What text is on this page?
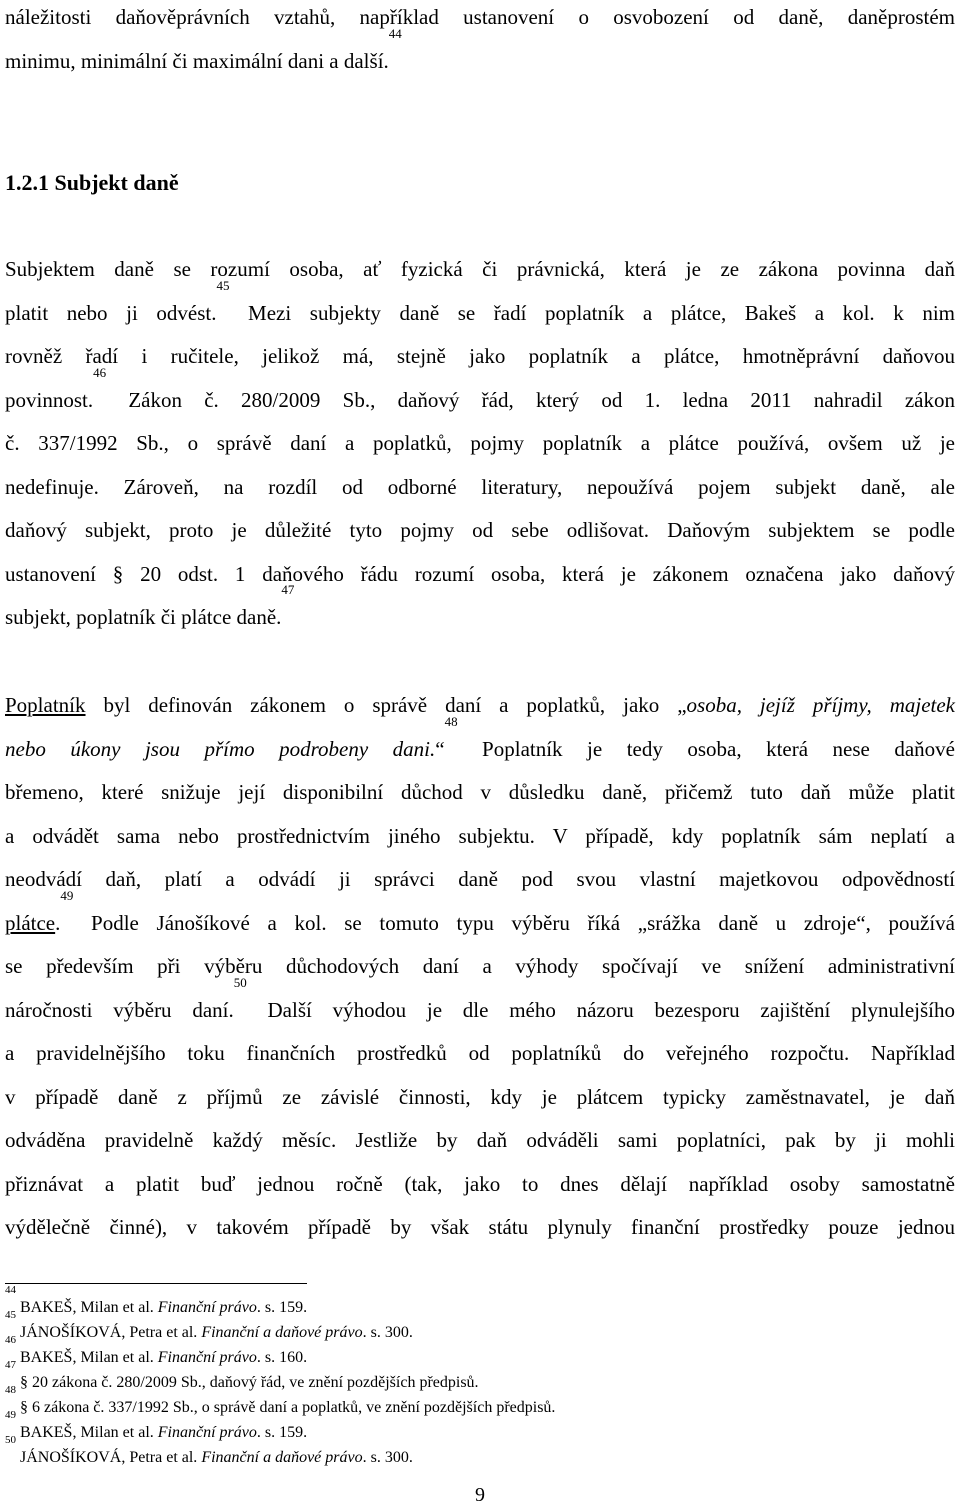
náležitosti daňověprávních vztahů, například ustanovení o osvobození od daně, daněprostém
minimu, minimální či maximální dani a další.$^{44}$

1.2.1 Subjekt daně

Subjektem daně se rozumí osoba, ať fyzická či právnická, která je ze zákona povinna daň
platit nebo ji odvést.$^{45}$ Mezi subjekty daně se řadí poplatník a plátce, Bakeš a kol. k nim
rovněž řadí i ručitele, jelikož má, stejně jako poplatník a plátce, hmotněprávní daňovou
povinnost.$^{46}$ Zákon č. 280/2009 Sb., daňový řád, který od 1. ledna 2011 nahradil zákon
č. 337/1992 Sb., o správě daní a poplatků, pojmy poplatník a plátce používá, ovšem už je
nedefinuje. Zároveň, na rozdíl od odborné literatury, nepoužívá pojem subjekt daně, ale
daňový subjekt, proto je důležité tyto pojmy od sebe odlišovat. Daňovým subjektem se podle
ustanovení § 20 odst. 1 daňového řádu rozumí osoba, která je zákonem označena jako daňový
subjekt, poplatník či plátce daně.$^{47}$

Poplatník byl definován zákonem o správě daní a poplatků, jako „osoba, jejíž příjmy, majetek
nebo úkony jsou přímo podrobeny dani.“$^{48}$ Poplatník je tedy osoba, která nese daňové
břemeno, které snižuje její disponibilní důchod v důsledku daně, přičemž tuto daň může platit
a odvádět sama nebo prostřednictvím jiného subjektu. V případě, kdy poplatník sám neplatí a
neodvádí daň, platí a odvádí ji správci daně pod svou vlastní majetkovou odpovědností
plátce.$^{49}$ Podle Jánošíkové a kol. se tomuto typu výběru říká „srážka daně u zdroje“, používá
se především při výběru důchodových daní a výhody spočívají ve snížení administrativní
náročnosti výběru daní.$^{50}$ Další výhodou je dle mého názoru bezesporu zajištění plynulejšího
a pravidelnějšího toku finančních prostředků od poplatníků do veřejného rozpočtu. Například
v případě daně z příjmů ze závislé činnosti, kdy je plátcem typicky zaměstnavatel, je daň
odváděna pravidelně každý měsíc. Jestliže by daň odváděli sami poplatníci, pak by ji mohli
přiznávat a platit buď jednou ročně (tak, jako to dnes dělají například osoby samostatně
výdělečně činné), v takovém případě by však státu plynuly finanční prostředky pouze jednou

$^{44}$ BAKEŠ, Milan et al. Finanční právo. s. 159.
$^{45}$ JÁNOŠÍKOVÁ, Petra et al. Finanční a daňové právo. s. 300.
$^{46}$ BAKEŠ, Milan et al. Finanční právo. s. 160.
$^{47}$ § 20 zákona č. 280/2009 Sb., daňový řád, ve znění pozdějších předpisů.
$^{48}$ § 6 zákona č. 337/1992 Sb., o správě daní a poplatků, ve znění pozdějších předpisů.
$^{49}$ BAKEŠ, Milan et al. Finanční právo. s. 159.
$^{50}$ JÁNOŠÍKOVÁ, Petra et al. Finanční a daňové právo. s. 300.
9
